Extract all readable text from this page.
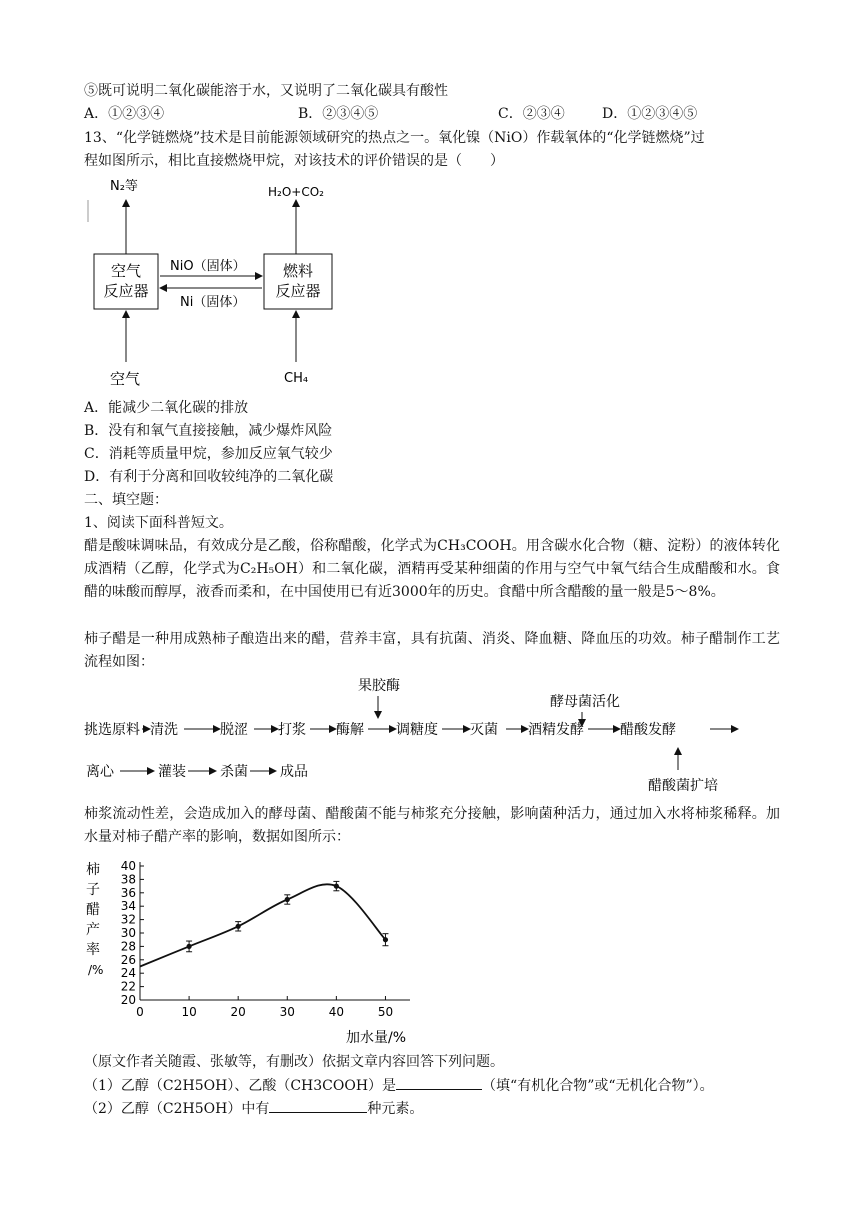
⑤既可说明二氧化碳能溶于水，又说明了二氧化碳具有酸性
A．①②③④	B．②③④⑤	C．②③④	D．①②③④⑤
13、“化学链燃烧”技术是目前能源领域研究的热点之一。氧化镍（NiO）作载氧体的“化学链燃烧”过
程如图所示，相比直接燃烧甲烷，对该技术的评价错误的是（　　）
空气
反应器
燃料
反应器
N₂等	H₂O+CO₂
NiO（固体）
Ni（固体）
空气	CH₄
A．能减少二氧化碳的排放
B．没有和氧气直接接触，减少爆炸风险
C．消耗等质量甲烷，参加反应氧气较少
D．有利于分离和回收较纯净的二氧化碳
二、填空题：
1、阅读下面科普短文。
醋是酸味调味品，有效成分是乙酸，俗称醋酸，化学式为CH₃COOH。用含碳水化合物（糖、淀粉）的液体转化成酒精（乙醇，化学式为C₂H₅OH）和二氧化碳，酒精再受某种细菌的作用与空气中氧气结合生成醋酸和水。食醋的味酸而醇厚，液香而柔和，在中国使用已有近3000年的历史。食醋中所含醋酸的量一般是5～8%。
柿子醋是一种用成熟柿子酿造出来的醋，营养丰富，具有抗菌、消炎、降血糖、降血压的功效。柿子醋制作工艺流程如图：
挑选原料 清洗	脱涩 打浆 酶解 调糖度 灭菌 酒精发酵	醋酸发酵
离心	灌装 杀菌 成品
果胶酶
酵母菌活化
醋酸菌扩培
柿浆流动性差，会造成加入的酵母菌、醋酸菌不能与柿浆充分接触，影响菌种活力，通过加入水将柿浆稀释。加水量对柿子醋产率的影响，数据如图所示：
柿
子
醋
产
率
/%
20
22
24
26
28
30
32
34
36
38
40
0	10	20	30	40	50
加水量/%
（原文作者关随霞、张敏等，有删改）依据文章内容回答下列问题。
（1）乙醇（C2H5OH）、乙酸（CH3COOH）是	（填“有机化合物”或“无机化合物”）。
（2）乙醇（C2H5OH）中有	种元素。
